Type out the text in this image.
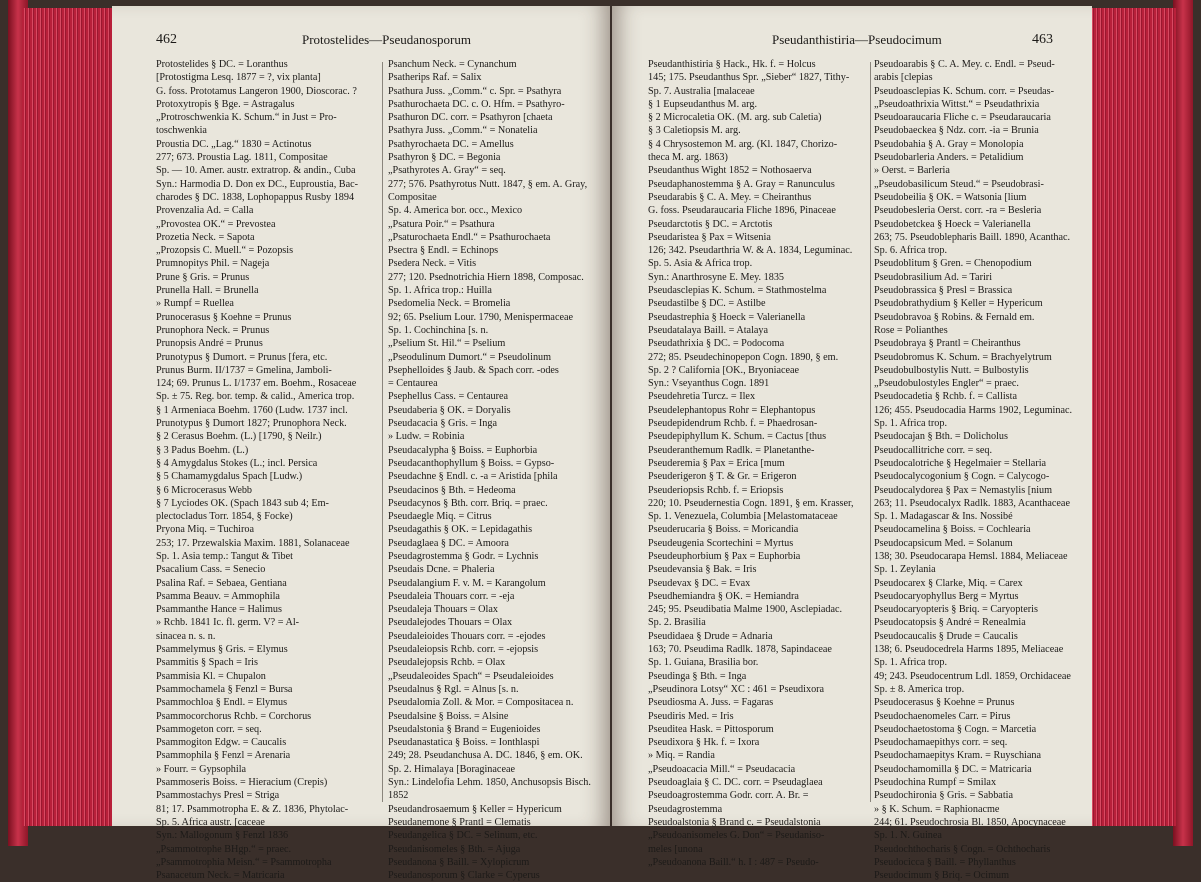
462	Protostelides—Pseudanosporum
Protostelides § DC. = Loranthus
[Protostigma Lesq. 1877 = ?, vix planta]
G. foss. Prototamus Langeron 1900, Dioscorac. ?
Protoxytropis § Bge. = Astragalus
„Protroschwenkia K. Schum.“ in Just = Pro-
toschwenkia
Proustia DC. „Lag.“ 1830 = Actinotus
277; 673. Proustia Lag. 1811, Compositae
Sp. — 10. Amer. austr. extratrop. & andin., Cuba
Syn.: Harmodia D. Don ex DC., Euproustia, Bac-
charodes § DC. 1838, Lophopappus Rusby 1894
Provenzalia Ad. = Calla
„Provostea OK.“ = Prevostea
Prozetia Neck. = Sapota
„Prozopsis C. Muell.“ = Pozopsis
Prumnopitys Phil. = Nageja
Prune § Gris. = Prunus
Prunella Hall. = Brunella
» Rumpf = Ruellea
Prunocerasus § Koehne = Prunus
Prunophora Neck. = Prunus
Prunopsis André = Prunus
Prunotypus § Dumort. = Prunus [fera, etc.
Prunus Burm. II/1737 = Gmelina, Jamboli-
124; 69. Prunus L. I/1737 em. Boehm., Rosaceae
Sp. ± 75. Reg. bor. temp. & calid., America trop.
§ 1 Armeniaca Boehm. 1760 (Ludw. 1737 incl.
Prunotypus § Dumort 1827; Prunophora Neck.
§ 2 Cerasus Boehm. (L.) [1790, § Neilr.)
§ 3 Padus Boehm. (L.)
§ 4 Amygdalus Stokes (L.; incl. Persica
§ 5 Chamamygdalus Spach [Ludw.)
§ 6 Microcerasus Webb
§ 7 Lyciodes OK. (Spach 1843 sub 4; Em-
plectocladus Torr. 1854, § Focke)
Pryona Miq. = Tuchiroa
253; 17. Przewalskia Maxim. 1881, Solanaceae
Sp. 1. Asia temp.: Tangut & Tibet
Psacalium Cass. = Senecio
Psalina Raf. = Sebaea, Gentiana
Psamma Beauv. = Ammophila
Psammanthe Hance = Halimus
» Rchb. 1841 Ic. fl. germ. V? = Al-
sinacea n. s. n.
Psammelymus § Gris. = Elymus
Psammitis § Spach = Iris
Psammisia Kl. = Chupalon
Psammochamela § Fenzl = Bursa
Psammochloa § Endl. = Elymus
Psammocorchorus Rchb. = Corchorus
Psammogeton corr. = seq.
Psammogiton Edgw. = Caucalis
Psammophila § Fenzl = Arenaria
» Fourr. = Gypsophila
Psammoseris Boiss. = Hieracium (Crepis)
Psammostachys Presl = Striga
81; 17. Psammotropha E. & Z. 1836, Phytolac-
Sp. 5. Africa austr. [caceae
Syn.: Mallogonum § Fenzl 1836
„Psammotrophe BHgp.“ = praec.
„Psammotrophia Meisn.“ = Psammotropha
Psanacetum Neck. = Matricaria
Psanchum Neck. = Cynanchum
Psatherips Raf. = Salix
Psathura Juss. „Comm.“ c. Spr. = Psathyra
Psathurochaeta DC. c. O. Hfm. = Psathyro-
Psathuron DC. corr. = Psathyron [chaeta
Psathyra Juss. „Comm.“ = Nonatelia
Psathyrochaeta DC. = Amellus
Psathyron § DC. = Begonia
„Psathyrotes A. Gray“ = seq.
277; 576. Psathyrotus Nutt. 1847, § em. A. Gray,
Compositae
Sp. 4. America bor. occ., Mexico
„Psatura Poir.“ = Psathura
„Psaturochaeta Endl.“ = Psathurochaeta
Psectra § Endl. = Echinops
Psedera Neck. = Vitis
277; 120. Psednotrichia Hiern 1898, Composac.
Sp. 1. Africa trop.: Huilla
Psedomelia Neck. = Bromelia
92; 65. Pselium Lour. 1790, Menispermaceae
Sp. 1. Cochinchina [s. n.
„Pselium St. Hil.“ = Pselium
„Pseodulinum Dumort.“ = Pseudolinum
Psephelloides § Jaub. & Spach corr. -odes
= Centaurea
Psephellus Cass. = Centaurea
Pseudaberia § OK. = Doryalis
Pseudacacia § Gris. = Inga
» Ludw. = Robinia
Pseudacalypha § Boiss. = Euphorbia
Pseudacanthophyllum § Boiss. = Gypso-
Pseudachne § Endl. c. -a = Aristida [phila
Pseudacinos § Bth. = Hedeoma
Pseudacynos § Bth. corr. Briq. = praec.
Pseudaegle Miq. = Citrus
Pseudagathis § OK. = Lepidagathis
Pseudaglaea § DC. = Amoora
Pseudagrostemma § Godr. = Lychnis
Pseudais Dcne. = Phaleria
Pseudalangium F. v. M. = Karangolum
Pseudaleia Thouars corr. = -eja
Pseudaleja Thouars = Olax
Pseudalejodes Thouars = Olax
Pseudaleioides Thouars corr. = -ejodes
Pseudaleiopsis Rchb. corr. = -ejopsis
Pseudalejopsis Rchb. = Olax
„Pseudaleoides Spach“ = Pseudaleioides
Pseudalnus § Rgl. = Alnus [s. n.
Pseudalomia Zoll. & Mor. = Compositacea n.
Pseudalsine § Boiss. = Alsine
Pseudalstonia § Brand = Eugenioides
Pseudanastatica § Boiss. = Ionthlaspi
249; 28. Pseudanchusa A. DC. 1846, § em. OK.
Sp. 2. Himalaya [Boraginaceae
Syn.: Lindelofia Lehm. 1850, Anchusopsis Bisch.
1852
Pseudandrosaemum § Keller = Hypericum
Pseudanemone § Prantl = Clematis
Pseudangelica § DC. = Selinum, etc.
Pseudanisomeles § Bth. = Ajuga
Pseudanona § Baill. = Xylopicrum
Pseudanosporum § Clarke = Cyperus
Pseudanthistiria—Pseudocimum	463
Pseudanthistiria § Hack., Hk. f. = Holcus
145; 175. Pseudanthus Spr. „Sieber“ 1827, Tithy-
Sp. 7. Australia [malaceae
§ 1 Eupseudanthus M. arg.
§ 2 Microcaletia OK. (M. arg. sub Caletia)
§ 3 Caletiopsis M. arg.
§ 4 Chrysostemon M. arg. (Kl. 1847, Chorizo-
theca M. arg. 1863)
Pseudanthus Wight 1852 = Nothosaerva
Pseudaphanostemma § A. Gray = Ranunculus
Pseudarabis § C. A. Mey. = Cheiranthus
G. foss. Pseudaraucaria Fliche 1896, Pinaceae
Pseudarctotis § DC. = Arctotis
Pseudaristea § Pax = Witsenia
126; 342. Pseudarthria W. & A. 1834, Leguminac.
Sp. 5. Asia & Africa trop.
Syn.: Anarthrosyne E. Mey. 1835
Pseudasclepias K. Schum. = Stathmostelma
Pseudastilbe § DC. = Astilbe
Pseudastrephia § Hoeck = Valerianella
Pseudatalaya Baill. = Atalaya
Pseudathrixia § DC. = Podocoma
272; 85. Pseudechinopepon Cogn. 1890, § em.
Sp. 2 ? California [OK., Bryoniaceae
Syn.: Vseyanthus Cogn. 1891
Pseudehretia Turcz. = Ilex
Pseudelephantopus Rohr = Elephantopus
Pseudepidendrum Rchb. f. = Phaedrosan-
Pseudepiphyllum K. Schum. = Cactus [thus
Pseuderanthemum Radlk. = Planetanthe-
Pseuderemia § Pax = Erica [mum
Pseuderigeron § T. & Gr. = Erigeron
Pseuderiopsis Rchb. f. = Eriopsis
220; 10. Pseudernestia Cogn. 1891, § em. Krasser,
Sp. 1. Venezuela, Columbia [Melastomataceae
Pseuderucaria § Boiss. = Moricandia
Pseudeugenia Scortechini = Myrtus
Pseudeuphorbium § Pax = Euphorbia
Pseudevansia § Bak. = Iris
Pseudevax § DC. = Evax
Pseudhemiandra § OK. = Hemiandra
245; 95. Pseudibatia Malme 1900, Asclepiadac.
Sp. 2. Brasilia
Pseudidaea § Drude = Adnaria
163; 70. Pseudima Radlk. 1878, Sapindaceae
Sp. 1. Guiana, Brasilia bor.
Pseudinga § Bth. = Inga
„Pseudinora Lotsy“ XC : 461 = Pseudixora
Pseudiosma A. Juss. = Fagaras
Pseudiris Med. = Iris
Pseuditea Hask. = Pittosporum
Pseudixora § Hk. f. = Ixora
» Miq. = Randia
„Pseudoacacia Mill.“ = Pseudacacia
Pseudoaglaia § C. DC. corr. = Pseudaglaea
Pseudoagrostemma Godr. corr. A. Br. =
Pseudagrostemma
Pseudoalstonia § Brand c. = Pseudalstonia
„Pseudoanisomeles G. Don“ = Pseudaniso-
meles [unona
„Pseudoanona Baill.“ h. I : 487 = Pseudo-
Pseudoarabis § C. A. Mey. c. Endl. = Pseud-
arabis [clepias
Pseudoasclepias K. Schum. corr. = Pseudas-
„Pseudoathrixia Wittst.“ = Pseudathrixia
Pseudoaraucaria Fliche c. = Pseudaraucaria
Pseudobaeckea § Ndz. corr. -ia = Brunia
Pseudobahia § A. Gray = Monolopia
Pseudobarleria Anders. = Petalidium
» Oerst. = Barleria
„Pseudobasilicum Steud.“ = Pseudobrasi-
Pseudobeilia § OK. = Watsonia [lium
Pseudobesleria Oerst. corr. -ra = Besleria
Pseudobetckea § Hoeck = Valerianella
263; 75. Pseudoblepharis Baill. 1890, Acanthac.
Sp. 6. Africa trop.
Pseudoblitum § Gren. = Chenopodium
Pseudobrasilium Ad. = Tariri
Pseudobrassica § Presl = Brassica
Pseudobrathydium § Keller = Hypericum
Pseudobravoa § Robins. & Fernald em.
Rose = Polianthes
Pseudobraya § Prantl = Cheiranthus
Pseudobromus K. Schum. = Brachyelytrum
Pseudobulbostylis Nutt. = Bulbostylis
„Pseudobulostyles Engler“ = praec.
Pseudocadetia § Rchb. f. = Callista
126; 455. Pseudocadia Harms 1902, Leguminac.
Sp. 1. Africa trop.
Pseudocajan § Bth. = Dolicholus
Pseudocallitriche corr. = seq.
Pseudocalotriche § Hegelmaier = Stellaria
Pseudocalycogonium § Cogn. = Calycogo-
Pseudocalydorea § Pax = Nemastylis [nium
263; 11. Pseudocalyx Radlk. 1883, Acanthaceae
Sp. 1. Madagascar & Ins. Nossibé
Pseudocamelina § Boiss. = Cochlearia
Pseudocapsicum Med. = Solanum
138; 30. Pseudocarapa Hemsl. 1884, Meliaceae
Sp. 1. Zeylania
Pseudocarex § Clarke, Miq. = Carex
Pseudocaryophyllus Berg = Myrtus
Pseudocaryopteris § Briq. = Caryopteris
Pseudocatopsis § André = Renealmia
Pseudocaucalis § Drude = Caucalis
138; 6. Pseudocedrela Harms 1895, Meliaceae
Sp. 1. Africa trop.
49; 243. Pseudocentrum Ldl. 1859, Orchidaceae
Sp. ± 8. America trop.
Pseudocerasus § Koehne = Prunus
Pseudochaenomeles Carr. = Pirus
Pseudochaetostoma § Cogn. = Marcetia
Pseudochamaepithys corr. = seq.
Pseudochamaepitys Kram. = Ruyschiana
Pseudochamomilla § DC. = Matricaria
Pseudochina Rumpf = Smilax
Pseudochironia § Gris. = Sabbatia
» § K. Schum. = Raphionacme
244; 61. Pseudochrosia Bl. 1850, Apocynaceae
Sp. 1. N. Guinea
Pseudochthocharis § Cogn. = Ochthocharis
Pseudocicca § Baill. = Phyllanthus
Pseudocimum § Briq. = Ocimum
